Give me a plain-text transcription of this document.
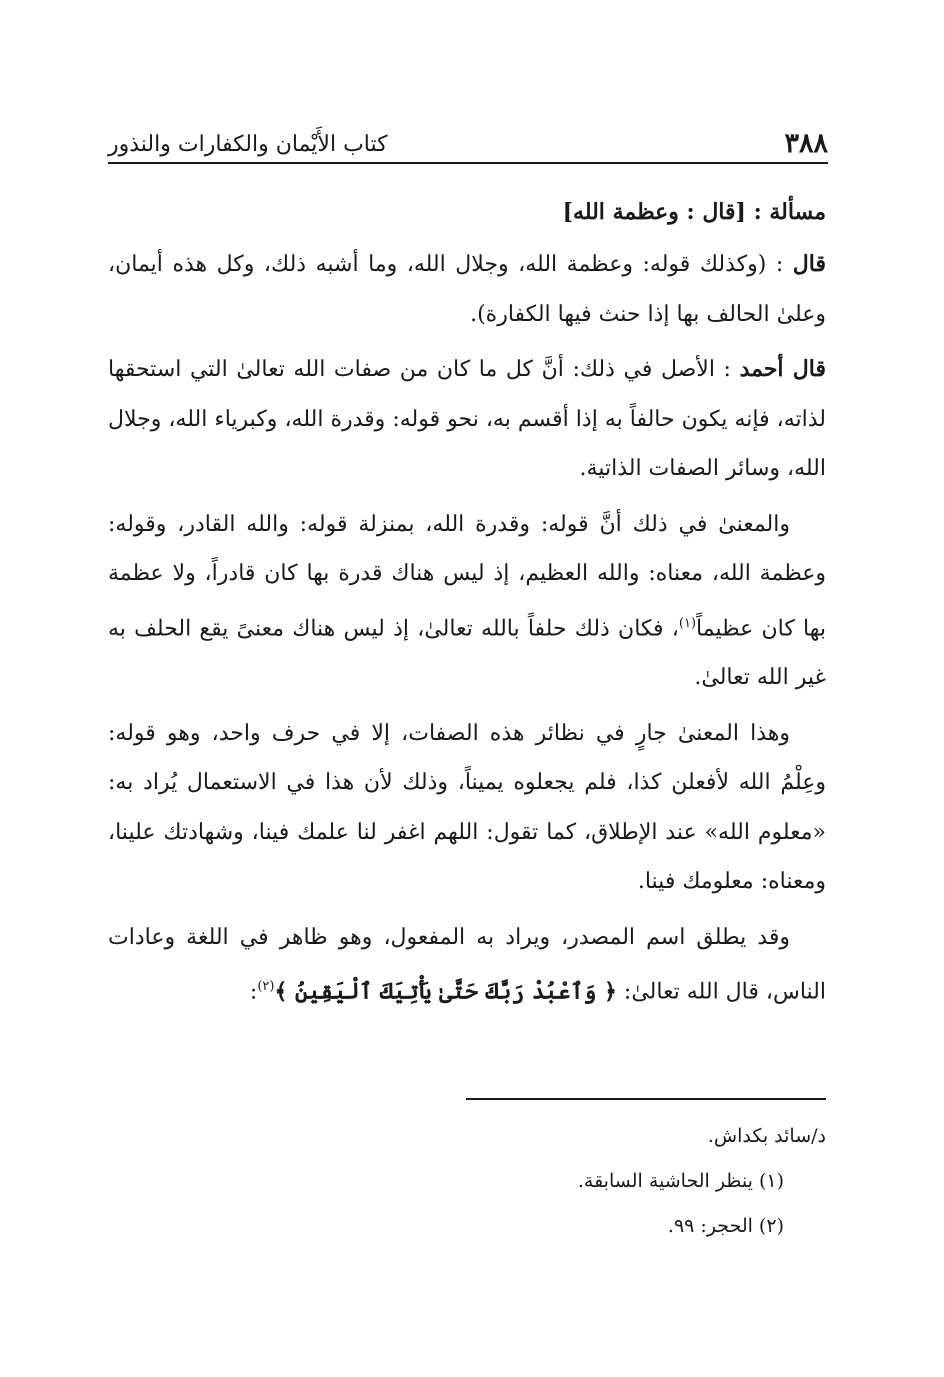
٣٨٨
كتاب الأَيْمان والكفارات والنذور

مسألة : [قال : وعظمة الله]

قال : (وكذلك قوله: وعظمة الله، وجلال الله، وما أشبه ذلك، وكل هذه أيمان، وعلىٰ الحالف بها إذا حنث فيها الكفارة).

قال أحمد : الأصل في ذلك: أنَّ كل ما كان من صفات الله تعالىٰ التي استحقها لذاته، فإنه يكون حالفاً به إذا أقسم به، نحو قوله: وقدرة الله، وكبرياء الله، وجلال الله، وسائر الصفات الذاتية.

والمعنىٰ في ذلك أنَّ قوله: وقدرة الله، بمنزلة قوله: والله القادر، وقوله: وعظمة الله، معناه: والله العظيم، إذ ليس هناك قدرة بها كان قادراً، ولا عظمة بها كان عظيماً$^{(١)}$، فكان ذلك حلفاً بالله تعالىٰ، إذ ليس هناك معنىً يقع الحلف به غير الله تعالىٰ.

وهذا المعنىٰ جارٍ في نظائر هذه الصفات، إلا في حرف واحد، وهو قوله: وعِلْمُ الله لأفعلن كذا، فلم يجعلوه يميناً، وذلك لأن هذا في الاستعمال يُراد به: «معلوم الله» عند الإطلاق، كما تقول: اللهم اغفر لنا علمك فينا، وشهادتك علينا، ومعناه: معلومك فينا.

وقد يطلق اسم المصدر، ويراد به المفعول، وهو ظاهر في اللغة وعادات الناس، قال الله تعالىٰ: ﴿ وَٱعْبُدْ رَبَّكَ حَتَّىٰ يَأْتِيَكَ ٱلْيَقِينُ ﴾$^{(٢)}$:

د/سائد بكداش.
(١) ينظر الحاشية السابقة.
(٢) الحجر: ٩٩.
